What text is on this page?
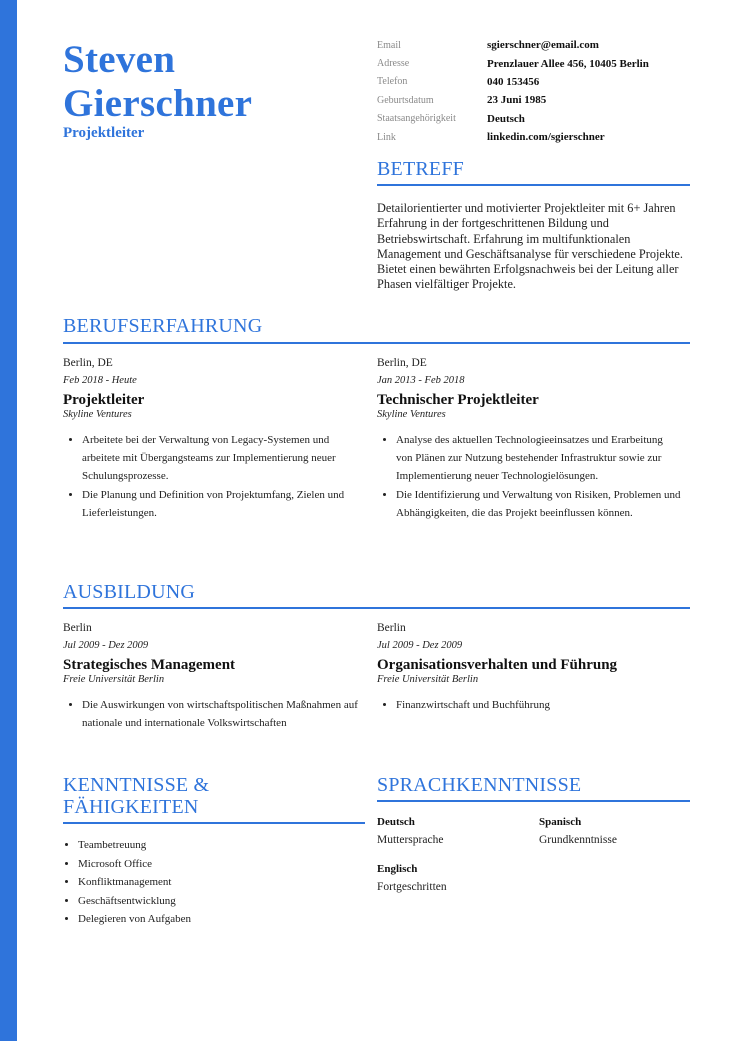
Steven
Gierschner
Projektleiter
Email	sgierschner@email.com
Adresse	Prenzlauer Allee 456, 10405 Berlin
Telefon	040 153456
Geburtsdatum	23 Juni 1985
Staatsangehörigkeit	Deutsch
Link	linkedin.com/sgierschner
BETREFF
Detailorientierter und motivierter Projektleiter mit 6+ Jahren Erfahrung in der fortgeschrittenen Bildung und Betriebswirtschaft. Erfahrung im multifunktionalen Management und Geschäftsanalyse für verschiedene Projekte. Bietet einen bewährten Erfolgsnachweis bei der Leitung aller Phasen vielfältiger Projekte.
BERUFSERFAHRUNG
Berlin, DE
Feb 2018 - Heute
Projektleiter
Skyline Ventures
• Arbeitete bei der Verwaltung von Legacy-Systemen und arbeitete mit Übergangsteams zur Implementierung neuer Schulungsprozesse.
• Die Planung und Definition von Projektumfang, Zielen und Lieferleistungen.
Berlin, DE
Jan 2013 - Feb 2018
Technischer Projektleiter
Skyline Ventures
• Analyse des aktuellen Technologieeinsatzes und Erarbeitung von Plänen zur Nutzung bestehender Infrastruktur sowie zur Implementierung neuer Technologielösungen.
• Die Identifizierung und Verwaltung von Risiken, Problemen und Abhängigkeiten, die das Projekt beeinflussen können.
AUSBILDUNG
Berlin
Jul 2009 - Dez 2009
Strategisches Management
Freie Universität Berlin
• Die Auswirkungen von wirtschaftspolitischen Maßnahmen auf nationale und internationale Volkswirtschaften
Berlin
Jul 2009 - Dez 2009
Organisationsverhalten und Führung
Freie Universität Berlin
• Finanzwirtschaft und Buchführung
KENNTNISSE &
FÄHIGKEITEN
• Teambetreuung
• Microsoft Office
• Konfliktmanagement
• Geschäftsentwicklung
• Delegieren von Aufgaben
SPRACHKENNTNISSE
Deutsch
Muttersprache
Spanisch
Grundkenntnisse
Englisch
Fortgeschritten
